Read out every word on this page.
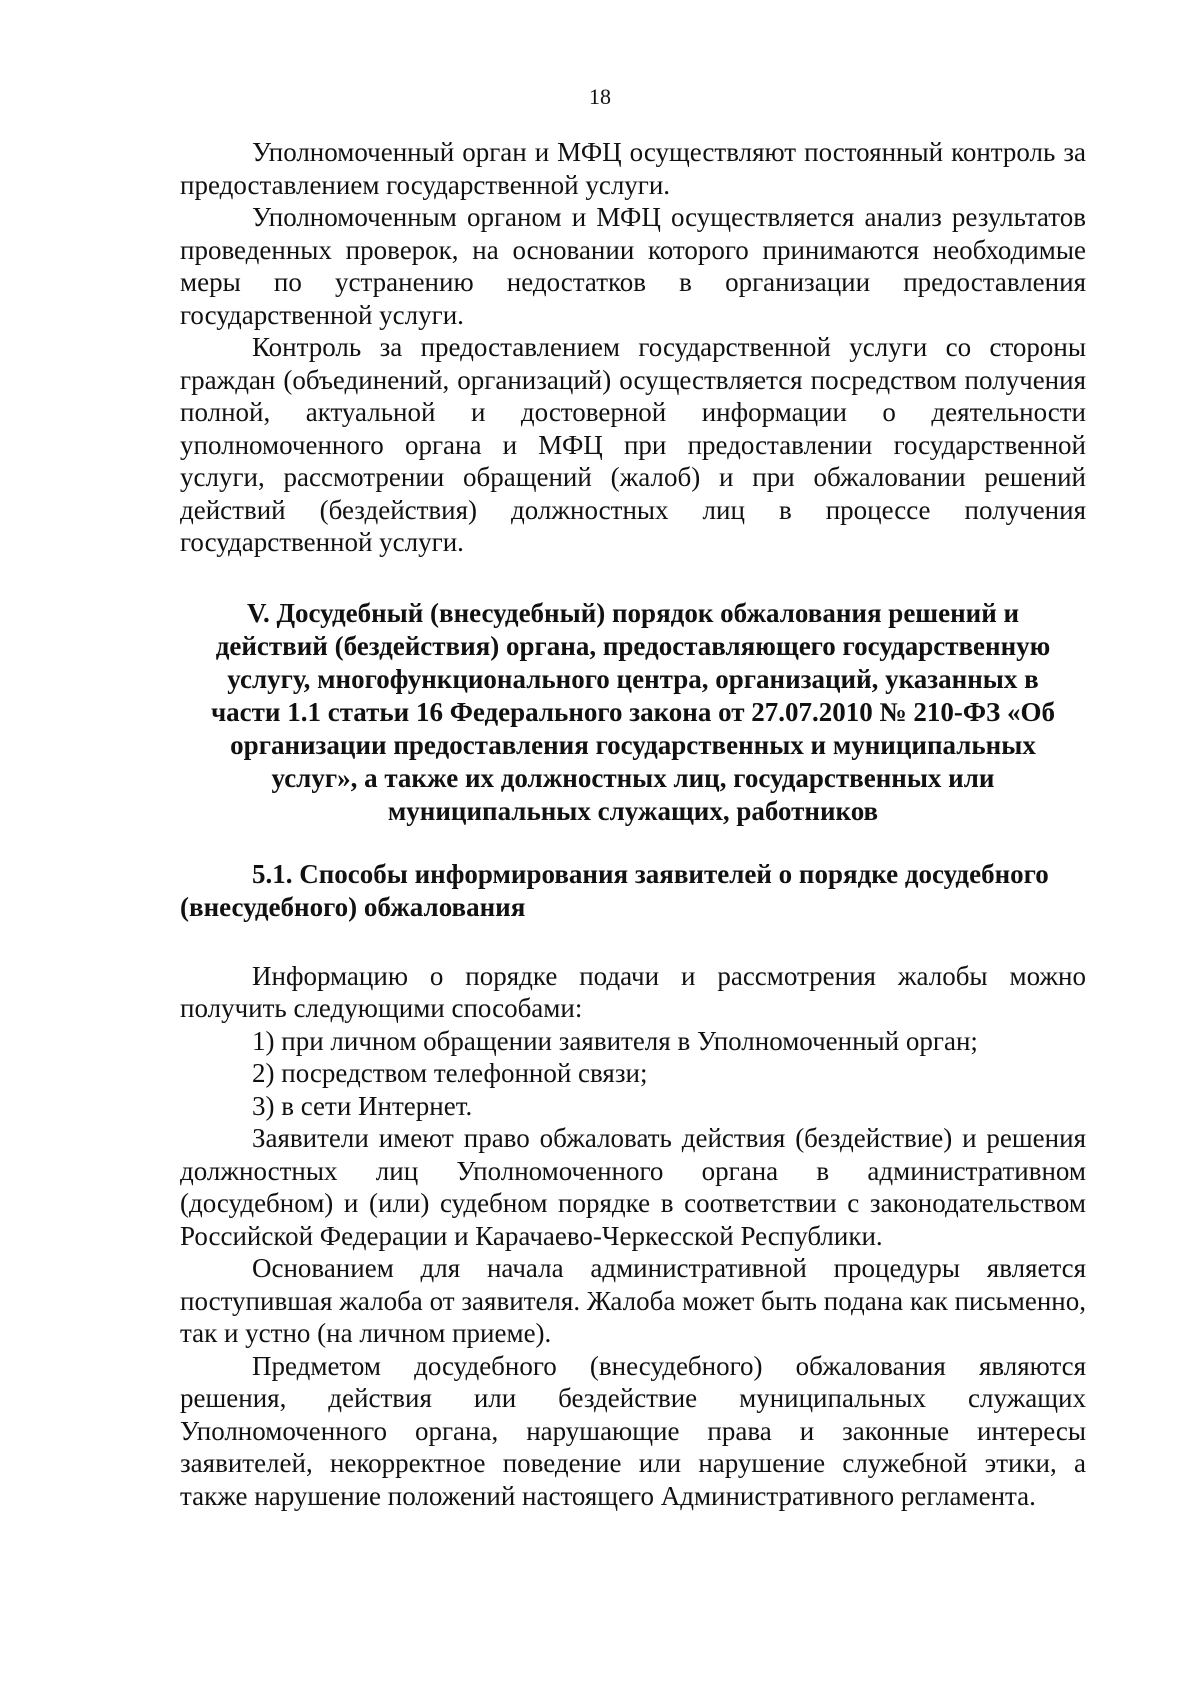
18

Уполномоченный орган и МФЦ осуществляют постоянный контроль за предоставлением государственной услуги.

Уполномоченным органом и МФЦ осуществляется анализ результатов проведенных проверок, на основании которого принимаются необходимые меры по устранению недостатков в организации предоставления государственной услуги.

Контроль за предоставлением государственной услуги со стороны граждан (объединений, организаций) осуществляется посредством получения полной, актуальной и достоверной информации о деятельности уполномоченного органа и МФЦ при предоставлении государственной услуги, рассмотрении обращений (жалоб) и при обжаловании решений действий (бездействия) должностных лиц в процессе получения государственной услуги.

V. Досудебный (внесудебный) порядок обжалования решений и действий (бездействия) органа, предоставляющего государственную услугу, многофункционального центра, организаций, указанных в части 1.1 статьи 16 Федерального закона от 27.07.2010 № 210-ФЗ «Об организации предоставления государственных и муниципальных услуг», а также их должностных лиц, государственных или муниципальных служащих, работников

5.1. Способы информирования заявителей о порядке досудебного (внесудебного) обжалования

Информацию о порядке подачи и рассмотрения жалобы можно получить следующими способами:

1) при личном обращении заявителя в Уполномоченный орган;

2) посредством телефонной связи;

3) в сети Интернет.

Заявители имеют право обжаловать действия (бездействие) и решения должностных лиц Уполномоченного органа в административном (досудебном) и (или) судебном порядке в соответствии с законодательством Российской Федерации и Карачаево-Черкесской Республики.

Основанием для начала административной процедуры является поступившая жалоба от заявителя. Жалоба может быть подана как письменно, так и устно (на личном приеме).

Предметом досудебного (внесудебного) обжалования являются решения, действия или бездействие муниципальных служащих Уполномоченного органа, нарушающие права и законные интересы заявителей, некорректное поведение или нарушение служебной этики, а также нарушение положений настоящего Административного регламента.
